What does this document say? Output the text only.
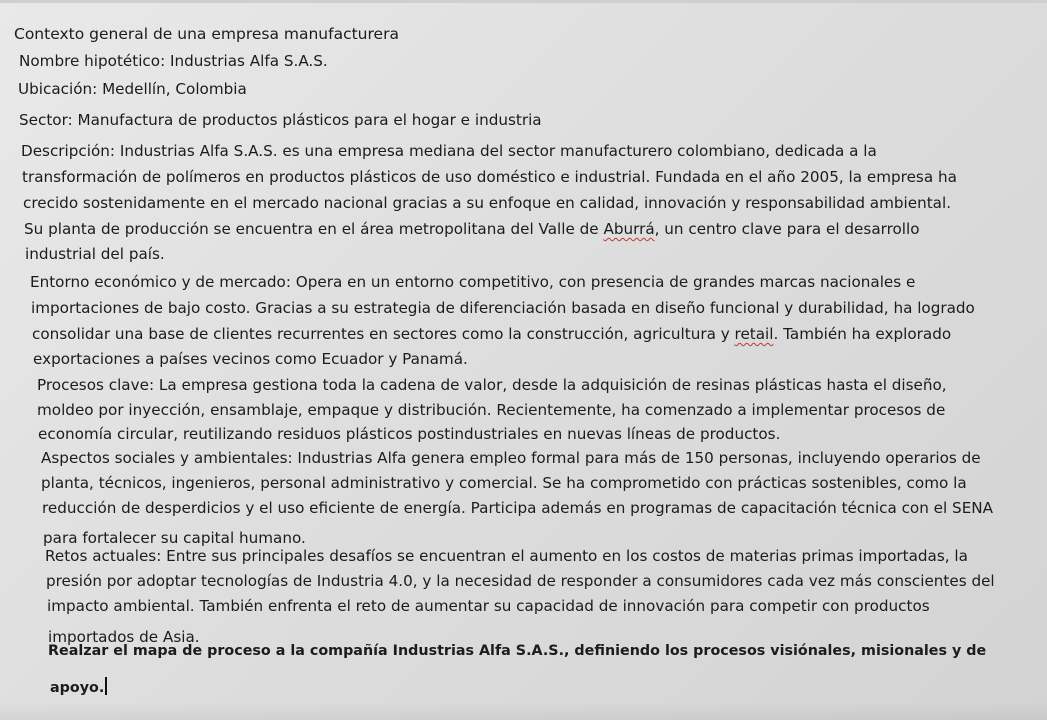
Contexto general de una empresa manufacturera
Nombre hipotético: Industrias Alfa S.A.S.
Ubicación: Medellín, Colombia
Sector: Manufactura de productos plásticos para el hogar e industria
Descripción: Industrias Alfa S.A.S. es una empresa mediana del sector manufacturero colombiano, dedicada a la
transformación de polímeros en productos plásticos de uso doméstico e industrial. Fundada en el año 2005, la empresa ha
crecido sostenidamente en el mercado nacional gracias a su enfoque en calidad, innovación y responsabilidad ambiental.
Su planta de producción se encuentra en el área metropolitana del Valle de Aburrá, un centro clave para el desarrollo
industrial del país.
Entorno económico y de mercado: Opera en un entorno competitivo, con presencia de grandes marcas nacionales e
importaciones de bajo costo. Gracias a su estrategia de diferenciación basada en diseño funcional y durabilidad, ha logrado
consolidar una base de clientes recurrentes en sectores como la construcción, agricultura y retail. También ha explorado
exportaciones a países vecinos como Ecuador y Panamá.
Procesos clave: La empresa gestiona toda la cadena de valor, desde la adquisición de resinas plásticas hasta el diseño,
moldeo por inyección, ensamblaje, empaque y distribución. Recientemente, ha comenzado a implementar procesos de
economía circular, reutilizando residuos plásticos postindustriales en nuevas líneas de productos.
Aspectos sociales y ambientales: Industrias Alfa genera empleo formal para más de 150 personas, incluyendo operarios de
planta, técnicos, ingenieros, personal administrativo y comercial. Se ha comprometido con prácticas sostenibles, como la
reducción de desperdicios y el uso eficiente de energía. Participa además en programas de capacitación técnica con el SENA
para fortalecer su capital humano.
Retos actuales: Entre sus principales desafíos se encuentran el aumento en los costos de materias primas importadas, la
presión por adoptar tecnologías de Industria 4.0, y la necesidad de responder a consumidores cada vez más conscientes del
impacto ambiental. También enfrenta el reto de aumentar su capacidad de innovación para competir con productos
importados de Asia.
Realzar el mapa de proceso a la compañía Industrias Alfa S.A.S., definiendo los procesos visiónales, misionales y de
apoyo.
